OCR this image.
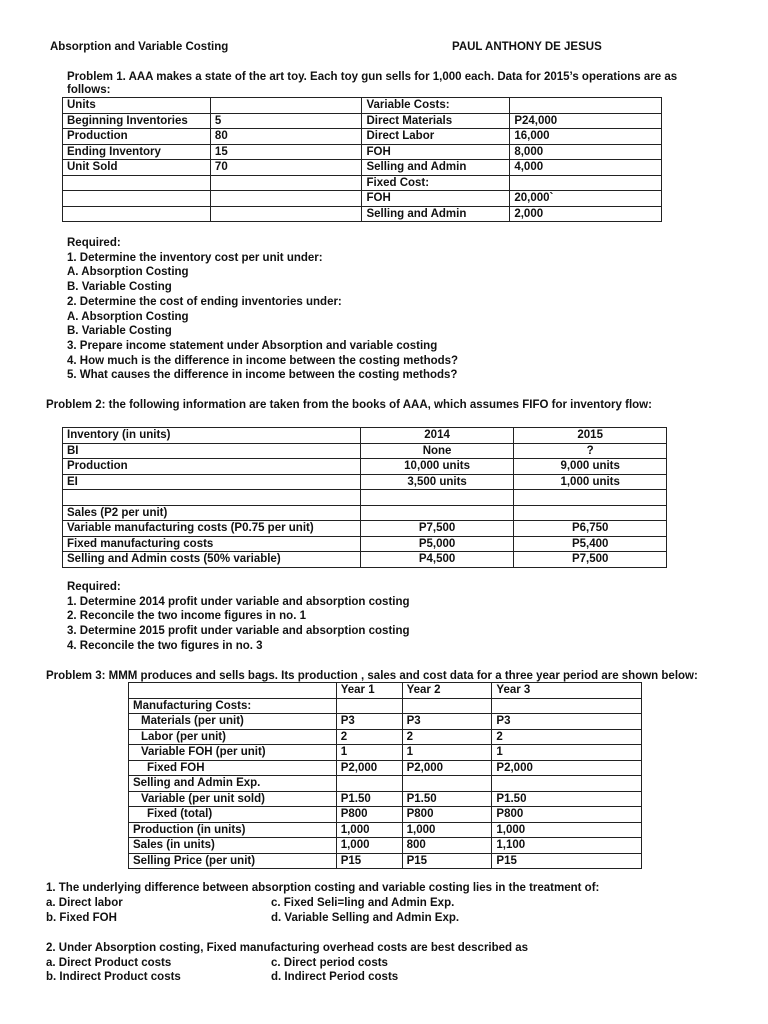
Absorption and Variable Costing	PAUL ANTHONY DE JESUS
Problem 1. AAA makes a state of the art toy. Each toy gun sells for 1,000 each. Data for 2015’s operations are as
follows:
Units		Variable Costs:	
Beginning Inventories	5	Direct Materials	P24,000
Production	80	Direct Labor	16,000
Ending Inventory	15	FOH	8,000
Unit Sold	70	Selling and Admin	4,000
		Fixed Cost:	
		FOH	20,000`
		Selling and Admin	2,000
Required:
1. Determine the inventory cost per unit under:
A. Absorption Costing
B. Variable Costing
2. Determine the cost of ending inventories under:
A. Absorption Costing
B. Variable Costing
3. Prepare income statement under Absorption and variable costing
4. How much is the difference in income between the costing methods?
5. What causes the difference in income between the costing methods?
Problem 2: the following information are taken from the books of AAA, which assumes FIFO for inventory flow:
Inventory (in units)	2014	2015
BI	None	?
Production	10,000 units	9,000 units
EI	3,500 units	1,000 units

Sales (P2 per unit)		
Variable manufacturing costs (P0.75 per unit)	P7,500	P6,750
Fixed manufacturing costs	P5,000	P5,400
Selling and Admin costs (50% variable)	P4,500	P7,500
Required:
1. Determine 2014 profit under variable and absorption costing
2. Reconcile the two income figures in no. 1
3. Determine 2015 profit under variable and absorption costing
4. Reconcile the two figures in no. 3
Problem 3: MMM produces and sells bags. Its production , sales and cost data for a three year period are shown below:
	Year 1	Year 2	Year 3
Manufacturing Costs:			
Materials (per unit)	P3	P3	P3
Labor (per unit)	2	2	2
Variable FOH (per unit)	1	1	1
Fixed FOH	P2,000	P2,000	P2,000
Selling and Admin Exp.			
Variable (per unit sold)	P1.50	P1.50	P1.50
Fixed (total)	P800	P800	P800
Production (in units)	1,000	1,000	1,000
Sales (in units)	1,000	800	1,100
Selling Price (per unit)	P15	P15	P15
1. The underlying difference between absorption costing and variable costing lies in the treatment of:
a. Direct labor	c. Fixed Seli=ling and Admin Exp.
b. Fixed FOH	d. Variable Selling and Admin Exp.
2. Under Absorption costing, Fixed manufacturing overhead costs are best described as
a. Direct Product costs	c. Direct period costs
b. Indirect Product costs	d. Indirect Period costs
